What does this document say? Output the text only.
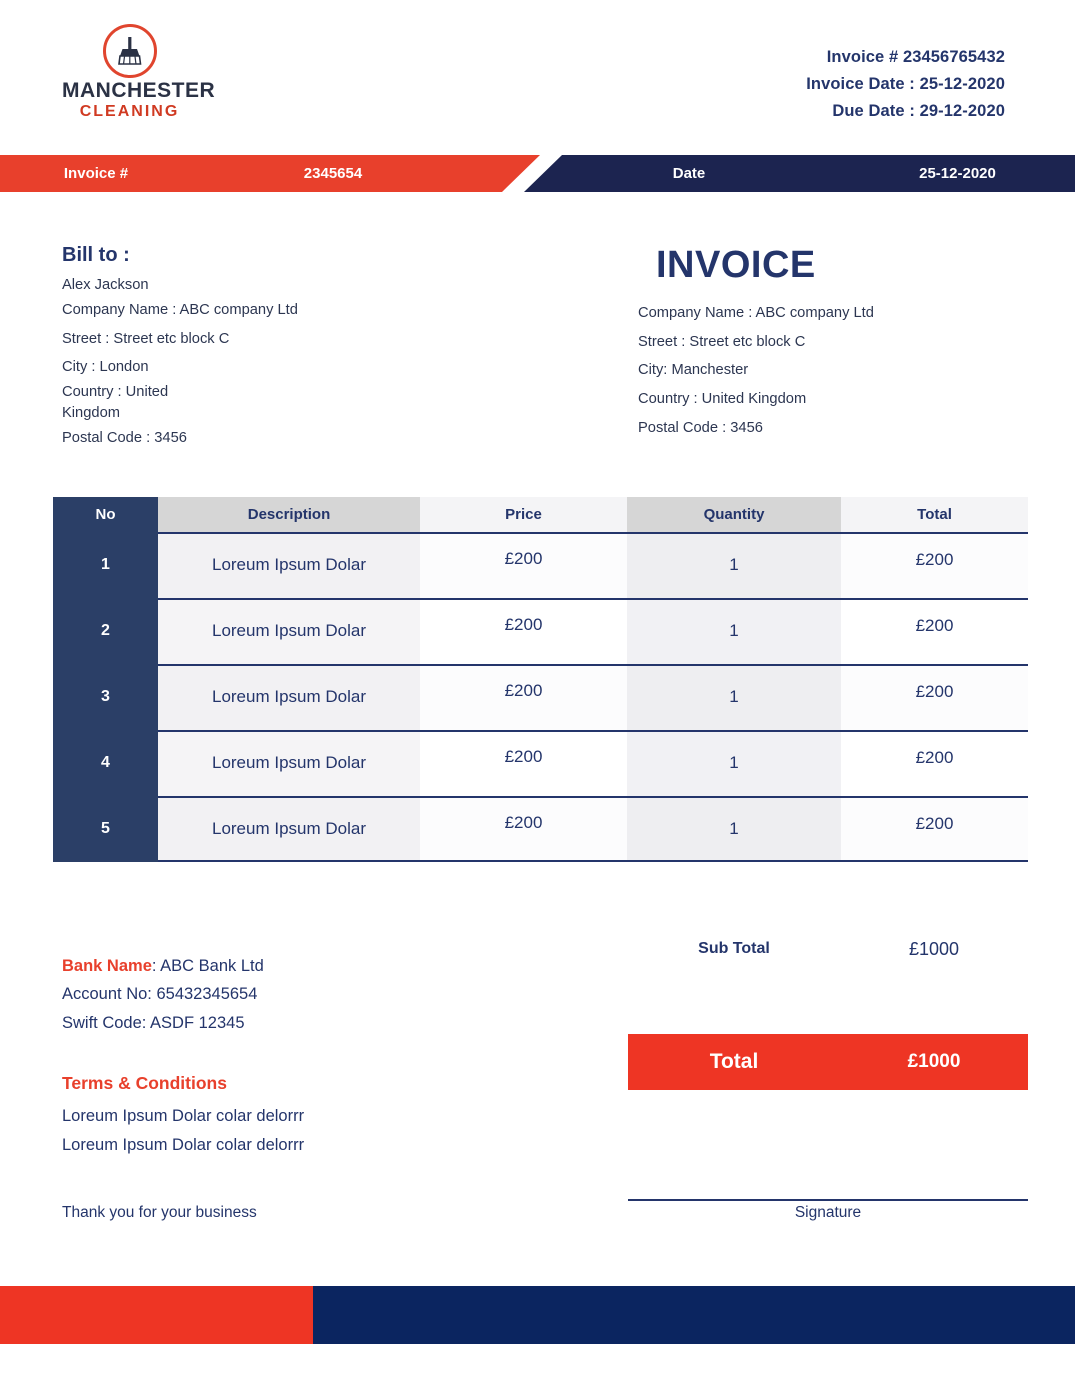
MANCHESTER
CLEANING
Invoice # 23456765432
Invoice Date : 25-12-2020
Due Date : 29-12-2020
Invoice #	2345654	Date	25-12-2020
Bill to :
Alex Jackson
Company Name : ABC company Ltd
Street : Street etc block C
City : London
Country : United
Kingdom
Postal Code : 3456
INVOICE
Company Name : ABC company Ltd
Street : Street etc block C
City: Manchester
Country : United Kingdom
Postal Code : 3456
No	Description	Price	Quantity	Total
1	Loreum Ipsum Dolar	£200	1	£200
2	Loreum Ipsum Dolar	£200	1	£200
3	Loreum Ipsum Dolar	£200	1	£200
4	Loreum Ipsum Dolar	£200	1	£200
5	Loreum Ipsum Dolar	£200	1	£200
Bank Name: ABC Bank Ltd
Account No: 65432345654
Swift Code: ASDF 12345
Terms & Conditions
Loreum Ipsum Dolar colar delorrr
Loreum Ipsum Dolar colar delorrr
Sub Total	£1000
Total	£1000
Thank you for your business	Signature
